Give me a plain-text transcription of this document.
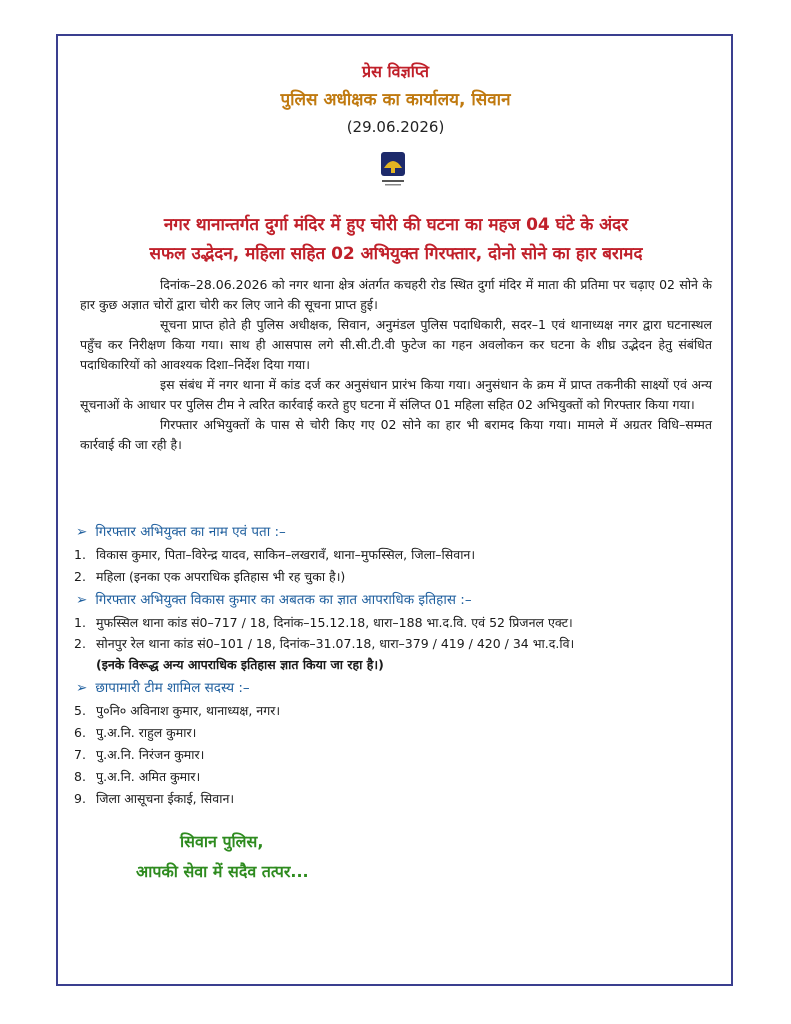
प्रेस विज्ञप्ति
पुलिस अधीक्षक का कार्यालय, सिवान
(29.06.2026)
नगर थानान्तर्गत दुर्गा मंदिर में हुए चोरी की घटना का महज 04 घंटे के अंदर
सफल उद्भेदन, महिला सहित 02 अभियुक्त गिरफ्तार, दोनो सोने का हार बरामद

दिनांक–28.06.2026 को नगर थाना क्षेत्र अंतर्गत कचहरी रोड स्थित दुर्गा मंदिर में माता की प्रतिमा पर चढ़ाए 02 सोने के हार कुछ अज्ञात चोरों द्वारा चोरी कर लिए जाने की सूचना प्राप्त हुई।

सूचना प्राप्त होते ही पुलिस अधीक्षक, सिवान, अनुमंडल पुलिस पदाधिकारी, सदर–1 एवं थानाध्यक्ष नगर द्वारा घटनास्थल पहुँच कर निरीक्षण किया गया। साथ ही आसपास लगे सी.सी.टी.वी फुटेज का गहन अवलोकन कर घटना के शीघ्र उद्भेदन हेतु संबंधित पदाधिकारियों को आवश्यक दिशा–निर्देश दिया गया।

इस संबंध में नगर थाना में कांड दर्ज कर अनुसंधान प्रारंभ किया गया। अनुसंधान के क्रम में प्राप्त तकनीकी साक्ष्यों एवं अन्य सूचनाओं के आधार पर पुलिस टीम ने त्वरित कार्रवाई करते हुए घटना में संलिप्त 01 महिला सहित 02 अभियुक्तों को गिरफ्तार किया गया।

गिरफ्तार अभियुक्तों के पास से चोरी किए गए 02 सोने का हार भी बरामद किया गया। मामले में अग्रतर विधि–सम्मत कार्रवाई की जा रही है।

➢ गिरफ्तार अभियुक्त का नाम एवं पता :–
1. विकास कुमार, पिता–विरेन्द्र यादव, साकिन–लखरावँ, थाना–मुफस्सिल, जिला–सिवान।
2. महिला (इनका एक अपराधिक इतिहास भी रह चुका है।)
➢ गिरफ्तार अभियुक्त विकास कुमार का अबतक का ज्ञात आपराधिक इतिहास :–
1. मुफस्सिल थाना कांड सं0–717 / 18, दिनांक–15.12.18, धारा–188 भा.द.वि. एवं 52 प्रिजनल एक्ट।
2. सोनपुर रेल थाना कांड सं0–101 / 18, दिनांक–31.07.18, धारा–379 / 419 / 420 / 34 भा.द.वि।
(इनके विरूद्ध अन्य आपराधिक इतिहास ज्ञात किया जा रहा है।)
➢ छापामारी टीम शामिल सदस्य :–
5. पु०नि० अविनाश कुमार, थानाध्यक्ष, नगर।
6. पु.अ.नि. राहुल कुमार।
7. पु.अ.नि. निरंजन कुमार।
8. पु.अ.नि. अमित कुमार।
9. जिला आसूचना ईकाई, सिवान।
सिवान पुलिस,
आपकी सेवा में सदैव तत्पर...
